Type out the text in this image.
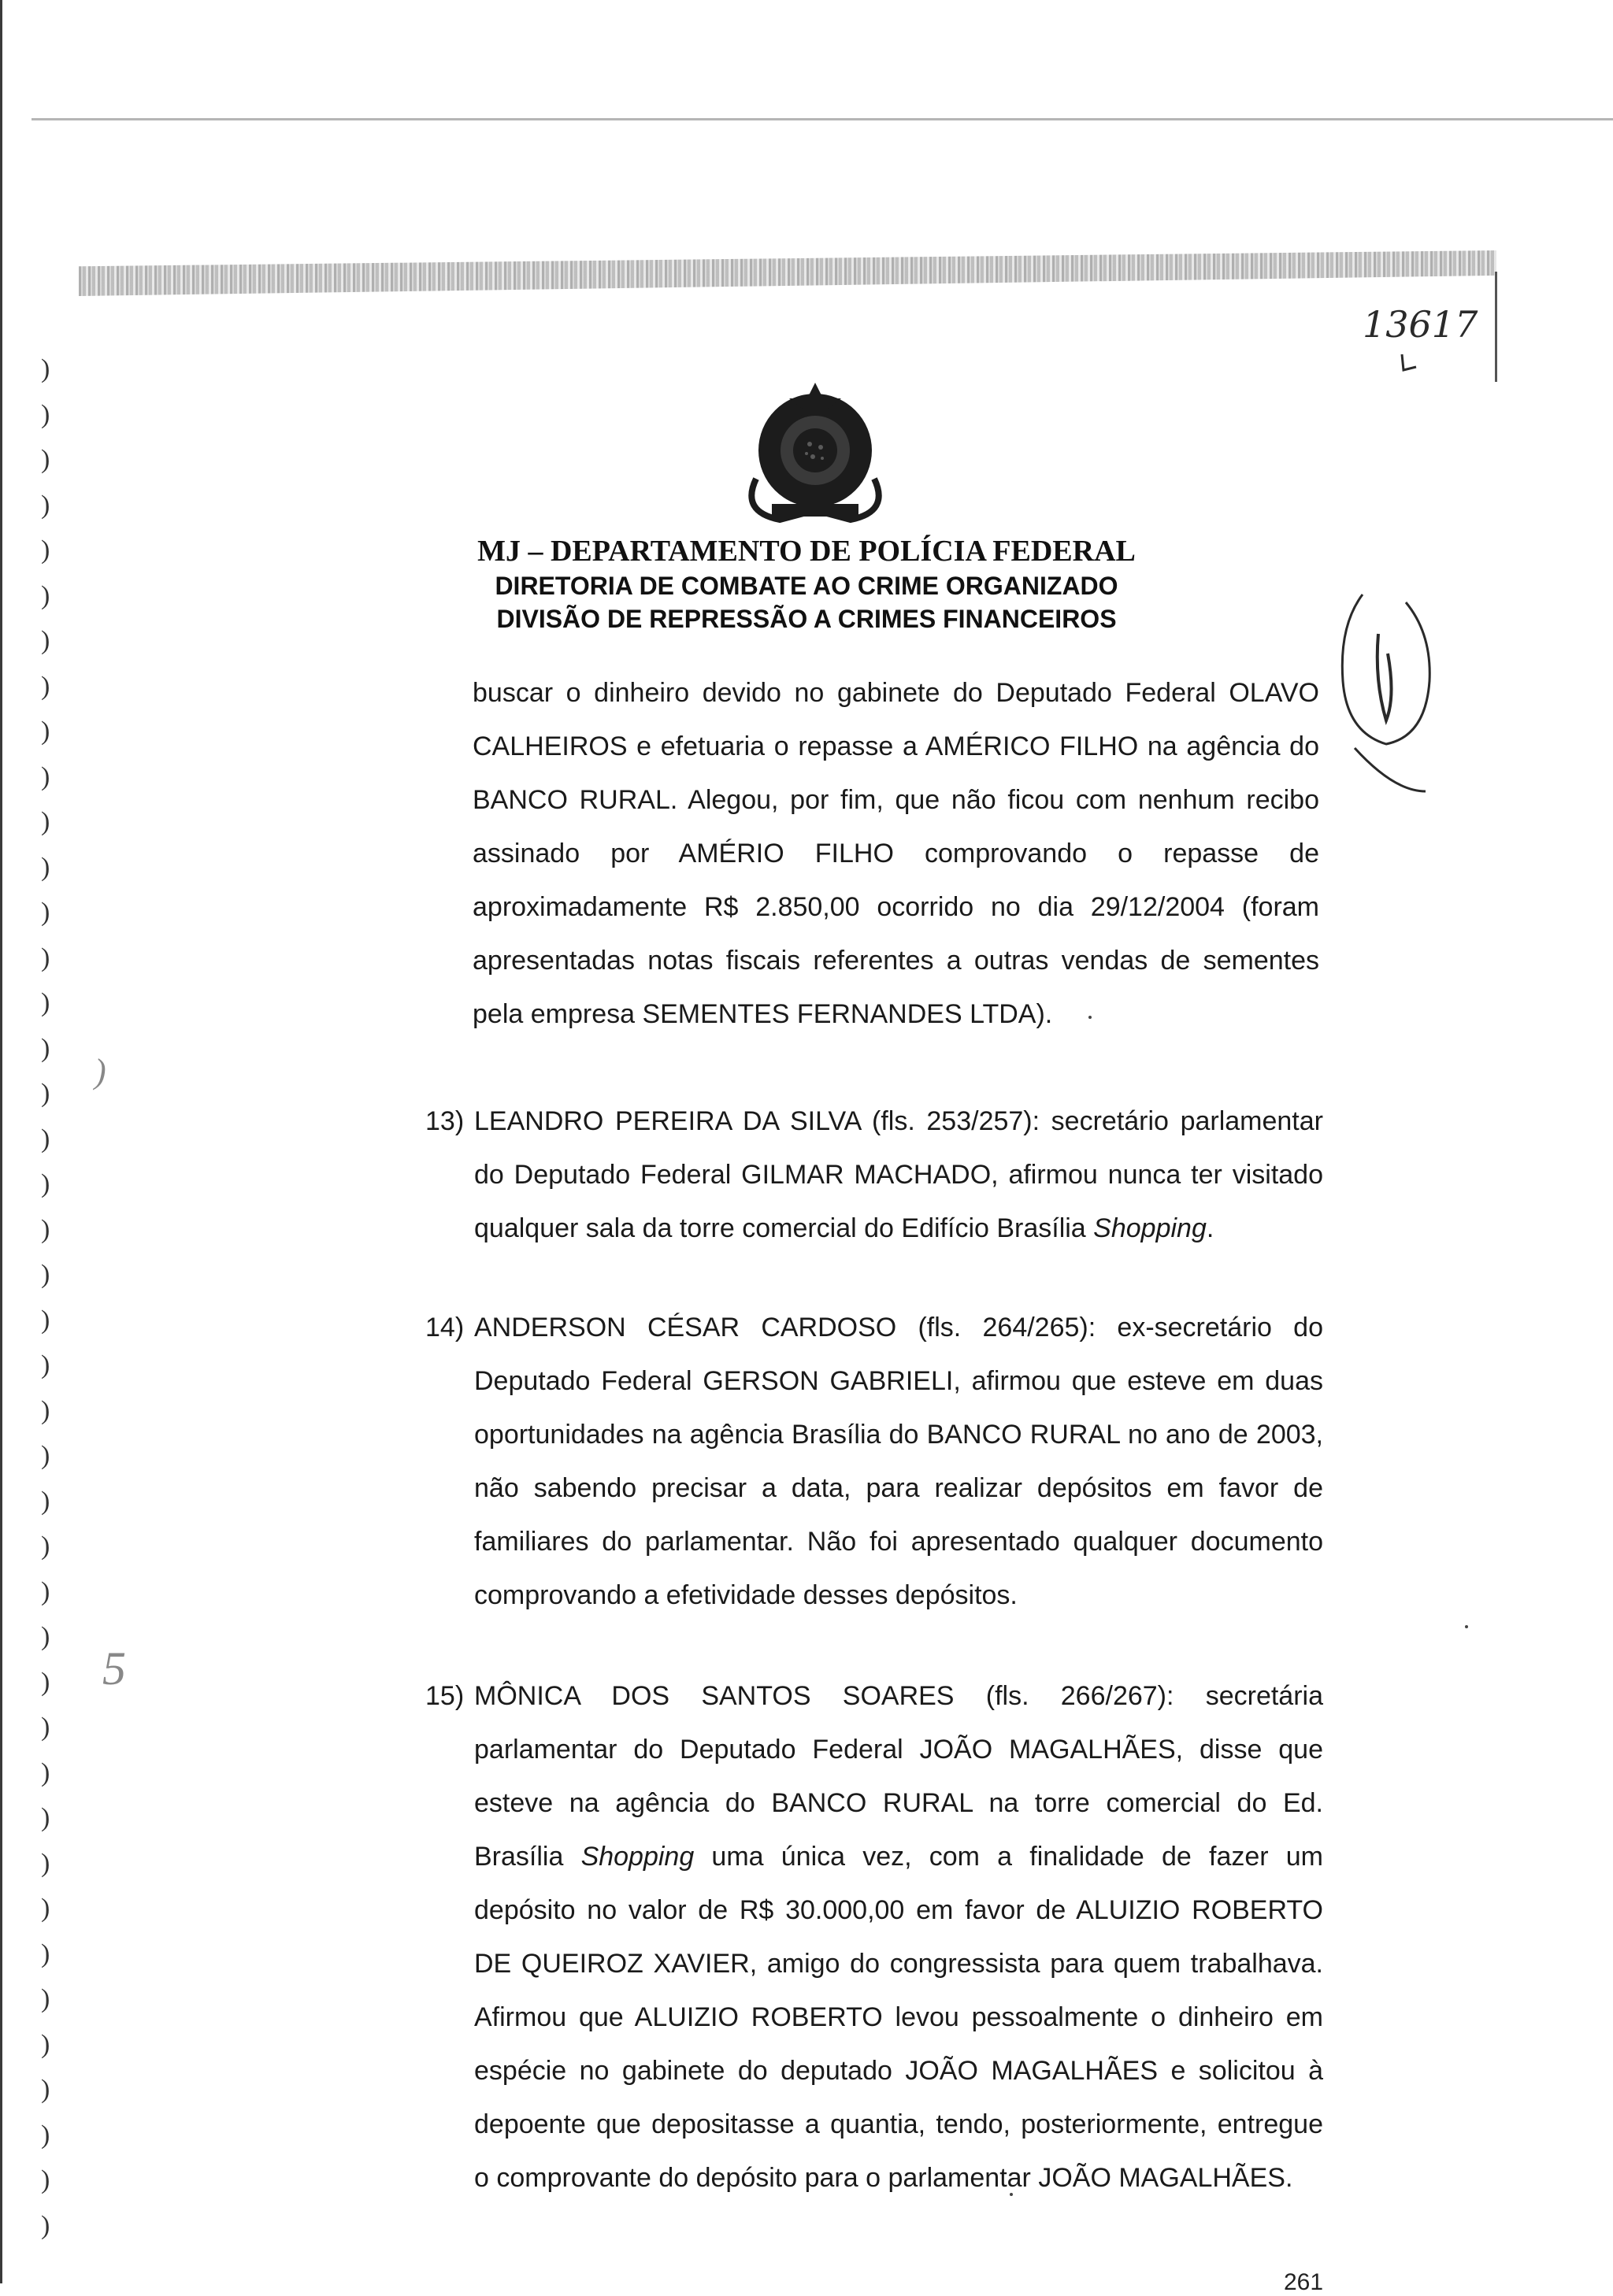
)
)
)
)
)
)
)
)
)
)
)
)
)
)
)
)
)
)
)
)
)
)
)
)
)
)
)
)
)
)
)
)
)
)
)
)
)
)
)
)
)
)
13617
MJ – DEPARTAMENTO DE POLÍCIA FEDERAL
DIRETORIA DE COMBATE AO CRIME ORGANIZADO
DIVISÃO DE REPRESSÃO A CRIMES FINANCEIROS
buscar o dinheiro devido no gabinete do Deputado Federal OLAVO CALHEIROS e efetuaria o repasse a AMÉRICO FILHO na agência do BANCO RURAL. Alegou, por fim, que não ficou com nenhum recibo assinado por AMÉRIO FILHO comprovando o repasse de aproximadamente R$ 2.850,00 ocorrido no dia 29/12/2004 (foram apresentadas notas fiscais referentes a outras vendas de sementes pela empresa SEMENTES FERNANDES LTDA).
13) LEANDRO PEREIRA DA SILVA (fls. 253/257): secretário parlamentar do Deputado Federal GILMAR MACHADO, afirmou nunca ter visitado qualquer sala da torre comercial do Edifício Brasília Shopping.
14) ANDERSON CÉSAR CARDOSO (fls. 264/265): ex-secretário do Deputado Federal GERSON GABRIELI, afirmou que esteve em duas oportunidades na agência Brasília do BANCO RURAL no ano de 2003, não sabendo precisar a data, para realizar depósitos em favor de familiares do parlamentar. Não foi apresentado qualquer documento comprovando a efetividade desses depósitos.
15) MÔNICA DOS SANTOS SOARES (fls. 266/267): secretária parlamentar do Deputado Federal JOÃO MAGALHÃES, disse que esteve na agência do BANCO RURAL na torre comercial do Ed. Brasília Shopping uma única vez, com a finalidade de fazer um depósito no valor de R$ 30.000,00 em favor de ALUIZIO ROBERTO DE QUEIROZ XAVIER, amigo do congressista para quem trabalhava. Afirmou que ALUIZIO ROBERTO levou pessoalmente o dinheiro em espécie no gabinete do deputado JOÃO MAGALHÃES e solicitou à depoente que depositasse a quantia, tendo, posteriormente, entregue o comprovante do depósito para o parlamentar JOÃO MAGALHÃES.
)
5
261
